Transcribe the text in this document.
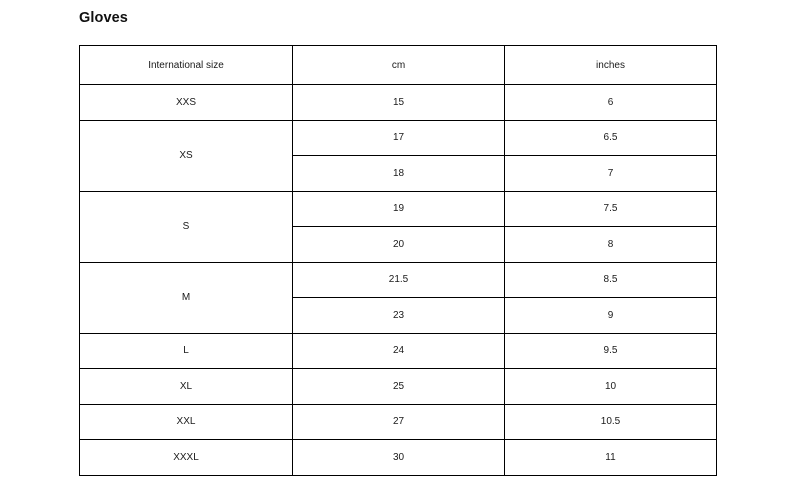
Gloves
International size	cm	inches
XXS	15	6
XS	17	6.5
	18	7
S	19	7.5
	20	8
M	21.5	8.5
	23	9
L	24	9.5
XL	25	10
XXL	27	10.5
XXXL	30	11
